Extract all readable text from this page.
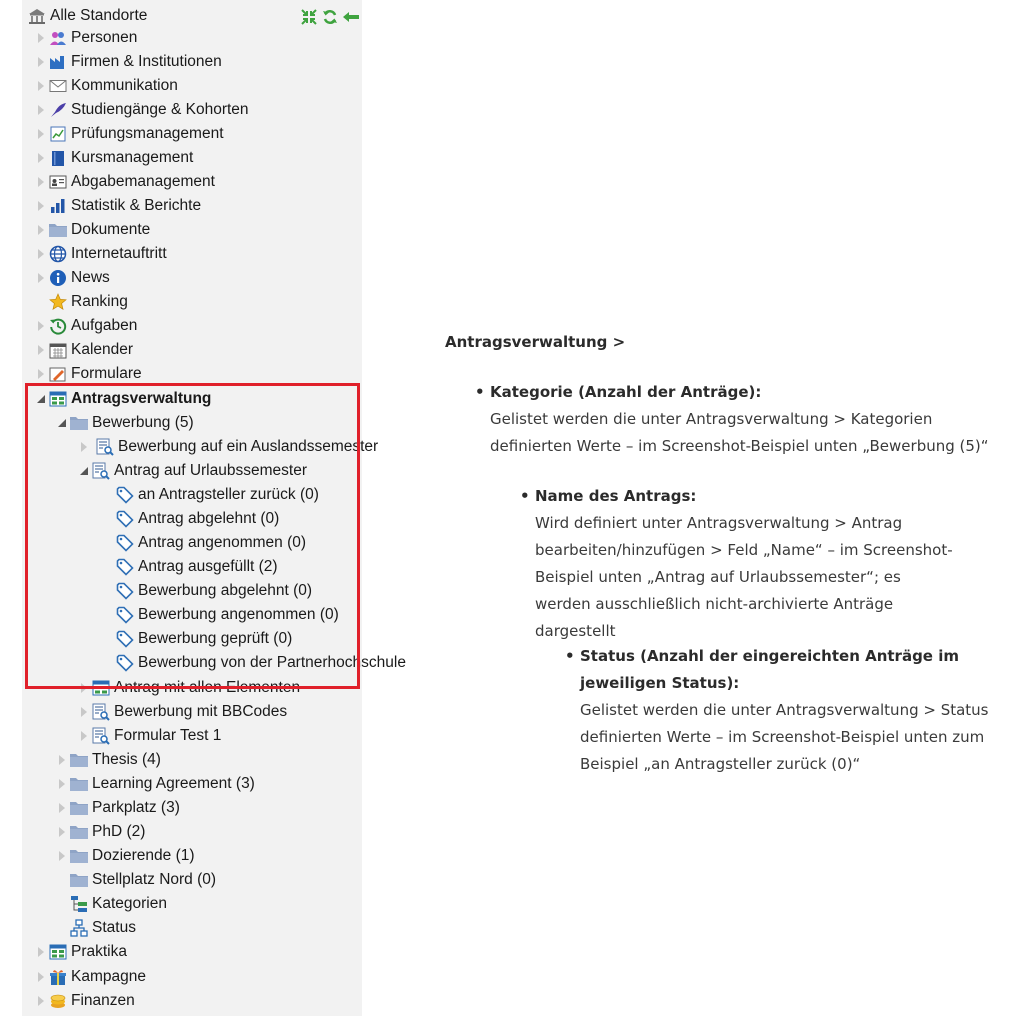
Alle Standorte
Personen
Firmen & Institutionen
Kommunikation
Studiengänge & Kohorten
Prüfungsmanagement
Kursmanagement
Abgabemanagement
Statistik & Berichte
Dokumente
Internetauftritt
News
Ranking
Aufgaben
Kalender
Formulare
Antragsverwaltung
Bewerbung (5)
Bewerbung auf ein Auslandssemester
Antrag auf Urlaubssemester
an Antragsteller zurück (0)
Antrag abgelehnt (0)
Antrag angenommen (0)
Antrag ausgefüllt (2)
Bewerbung abgelehnt (0)
Bewerbung angenommen (0)
Bewerbung geprüft (0)
Bewerbung von der Partnerhochschule
Antrag mit allen Elementen
Bewerbung mit BBCodes
Formular Test 1
Thesis (4)
Learning Agreement (3)
Parkplatz (3)
PhD (2)
Dozierende (1)
Stellplatz Nord (0)
Kategorien
Status
Praktika
Kampagne
Finanzen
Antragsverwaltung >
• Kategorie (Anzahl der Anträge):

Gelistet werden die unter Antragsverwaltung > Kategorien definierten Werte – im Screenshot-Beispiel unten „Bewerbung (5)“

• Name des Antrags:

Wird definiert unter Antragsverwaltung > Antrag bearbeiten/hinzufügen > Feld „Name“ – im Screenshot-Beispiel unten „Antrag auf Urlaubssemester“; es werden ausschließlich nicht-archivierte Anträge dargestellt

• Status (Anzahl der eingereichten Anträge im jeweiligen Status):

Gelistet werden die unter Antragsverwaltung > Status definierten Werte – im Screenshot-Beispiel unten zum Beispiel „an Antragsteller zurück (0)“
